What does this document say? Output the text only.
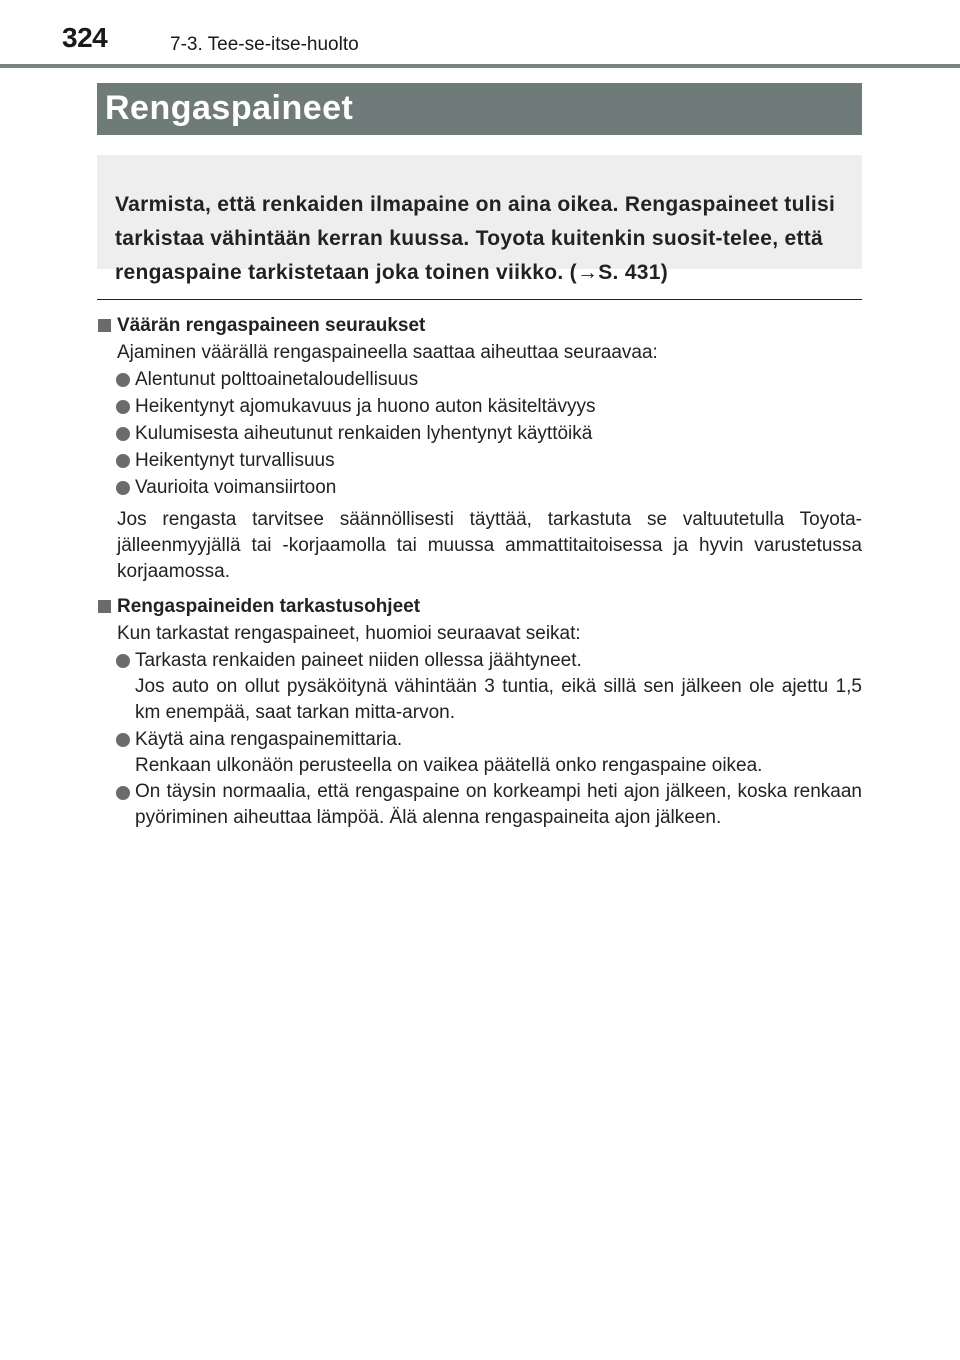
324	7-3. Tee-se-itse-huolto
Rengaspaineet

Varmista, että renkaiden ilmapaine on aina oikea. Rengaspaineet tulisi tarkistaa vähintään kerran kuussa. Toyota kuitenkin suosit-telee, että rengaspaine tarkistetaan joka toinen viikko. (→S. 431)

Väärän rengaspaineen seuraukset

Ajaminen väärällä rengaspaineella saattaa aiheuttaa seuraavaa:

Alentunut polttoainetaloudellisuus

Heikentynyt ajomukavuus ja huono auton käsiteltävyys

Kulumisesta aiheutunut renkaiden lyhentynyt käyttöikä

Heikentynyt turvallisuus

Vaurioita voimansiirtoon

Jos rengasta tarvitsee säännöllisesti täyttää, tarkastuta se valtuutetulla Toyota-jälleenmyyjällä tai -korjaamolla tai muussa ammattitaitoisessa ja hyvin varustetussa korjaamossa.

Rengaspaineiden tarkastusohjeet

Kun tarkastat rengaspaineet, huomioi seuraavat seikat:

Tarkasta renkaiden paineet niiden ollessa jäähtyneet.
Jos auto on ollut pysäköitynä vähintään 3 tuntia, eikä sillä sen jälkeen ole ajettu 1,5 km enempää, saat tarkan mitta-arvon.

Käytä aina rengaspainemittaria.
Renkaan ulkonäön perusteella on vaikea päätellä onko rengaspaine oikea.

On täysin normaalia, että rengaspaine on korkeampi heti ajon jälkeen, koska renkaan pyöriminen aiheuttaa lämpöä. Älä alenna rengaspaineita ajon jälkeen.
